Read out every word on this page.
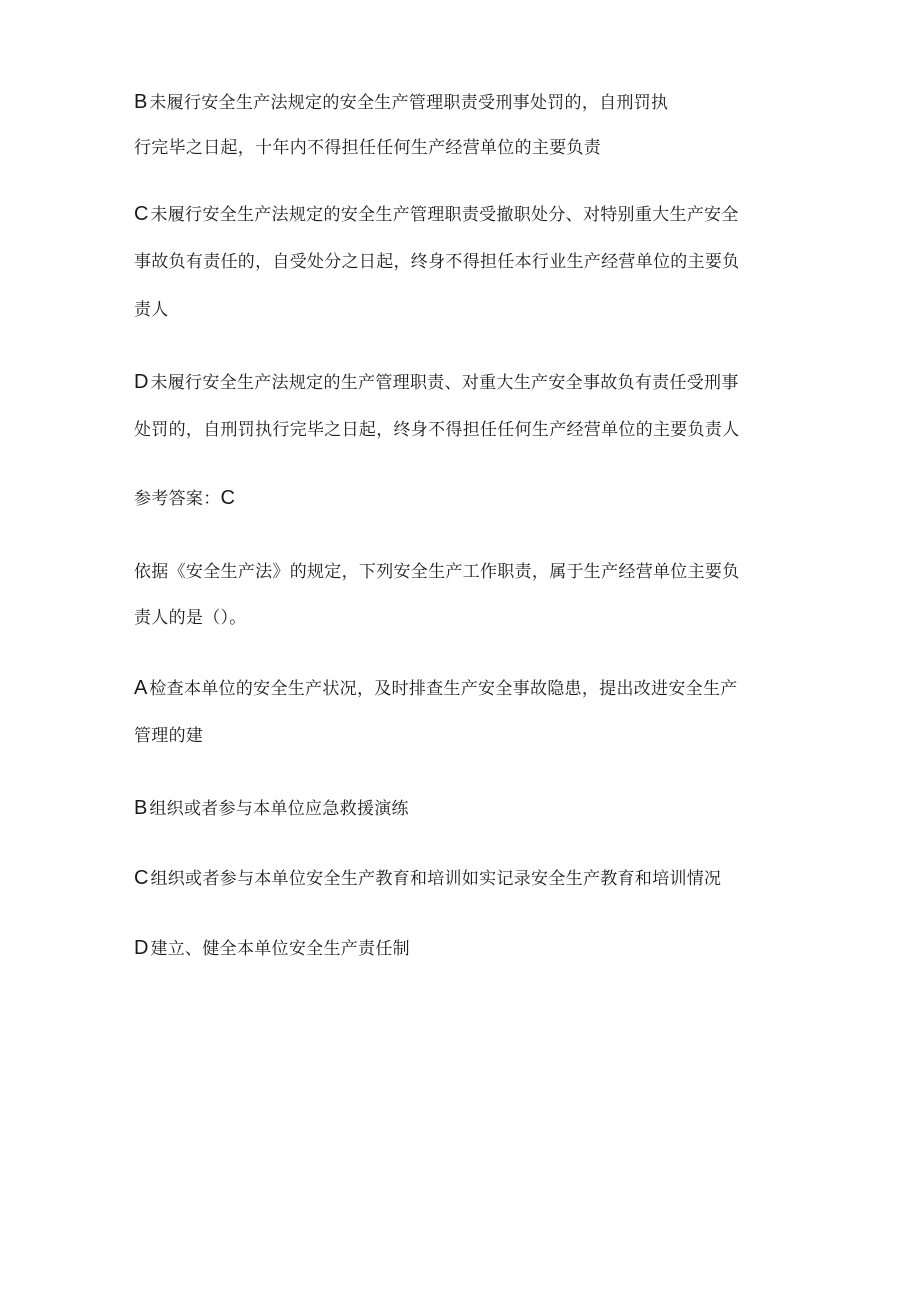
B 未履行安全生产法规定的安全生产管理职责受刑事处罚的，自刑罚执
行完毕之日起，十年内不得担任任何生产经营单位的主要负责
C 未履行安全生产法规定的安全生产管理职责受撤职处分、对特别重大生产安全
事故负有责任的，自受处分之日起，终身不得担任本行业生产经营单位的主要负
责人
D 未履行安全生产法规定的生产管理职责、对重大生产安全事故负有责任受刑事
处罚的，自刑罚执行完毕之日起，终身不得担任任何生产经营单位的主要负责人
参考答案：C
依据《安全生产法》的规定，下列安全生产工作职责，属于生产经营单位主要负
责人的是（）。
A 检查本单位的安全生产状况，及时排查生产安全事故隐患，提出改进安全生产
管理的建
B 组织或者参与本单位应急救援演练
C 组织或者参与本单位安全生产教育和培训如实记录安全生产教育和培训情况
D 建立、健全本单位安全生产责任制
